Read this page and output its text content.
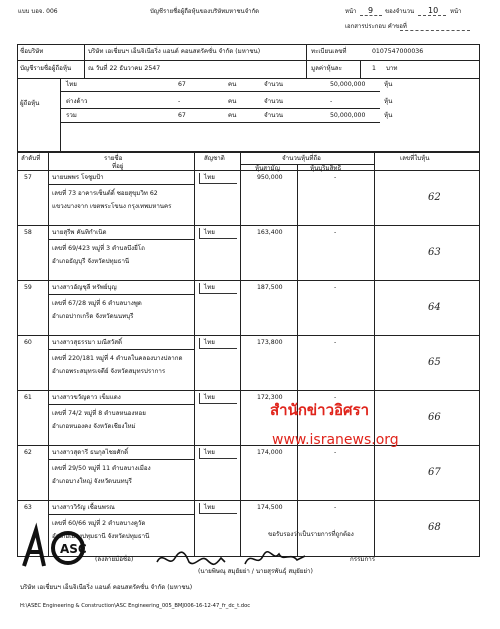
แบบ บอจ. 006	บัญชีรายชื่อผู้ถือหุ้นของบริษัทมหาชนจำกัด	หน้า 9 ของจำนวน 10 หน้า
เอกสารประกอบ คำขอที่
ชื่อบริษัท	บริษัท เอเชี่ยนฯ เอ็นจิเนียริ่ง แอนด์ คอนสตรัคชั่น จำกัด (มหาชน)	ทะเบียนเลขที่	0107547000036
บัญชีรายชื่อผู้ถือหุ้น	ณ วันที่ 22 ธันวาคม 2547	มูลค่าหุ้นละ	1 บาท
ผู้ถือหุ้น
ไทย	67	คน	จำนวน	50,000,000	หุ้น
ต่างด้าว	-	คน	จำนวน	-	หุ้น
รวม	67	คน	จำนวน	50,000,000	หุ้น
ลำดับที่	รายชื่อ
ที่อยู่
สัญชาติ	จำนวนหุ้นที่ถือ
หุ้นสามัญ	หุ้นบุริมสิทธิ
เลขที่ใบหุ้น
57	นายนพพร โจชูมป้า
เลขที่ 73 อาคารเซ็นต์ดิ์ ซอยสุขุมวิท 62
แขวงบางจาก เขตพระโขนง กรุงเทพมหานคร
ไทย	950,000	-
62
58	นายสุรีพ คันทิกำเนิด
เลขที่ 69/423 หมู่ที่ 3 ตำบลบึงยี่โถ
อำเภอธัญบุรี จังหวัดปทุมธานี
ไทย	163,400	-
63
59	นางสาวอัญชุลี ทรัพย์บุญ
เลขที่ 67/28 หมู่ที่ 6 ตำบลบางพูด
อำเภอปากเกร็ด จังหวัดนนทบุรี
ไทย	187,500	-
64
60	นางสาวสุธรรมา มณีสวัสดิ์
เลขที่ 220/181 หมู่ที่ 4 ตำบลในคลองบางปลากด
อำเภอพระสมุทรเจดีย์ จังหวัดสมุทรปราการ
ไทย	173,800	-
65
61	นางสาวขวัญดาว เข็มแดง
เลขที่ 74/2 หมู่ที่ 8 ตำบลหนองหอย
อำเภอหนองคง จังหวัดเชียงใหม่
ไทย	172,300	-
66
62	นางสาวสุดารี ธนกุลไชยศักดิ์
เลขที่ 29/50 หมู่ที่ 11 ตำบลบางเมือง
อำเภอบางใหญ่ จังหวัดนนทบุรี
ไทย	174,000	-
67
63	นางสาววิรัญ เชื้อนพรณ
เลขที่ 60/66 หมู่ที่ 2 ตำบลบางคูวัด
อำเภอเมืองปทุมธานี จังหวัดปทุมธานี
ไทย	174,500	-
68
สำนักข่าวอิศรา
www.isranews.org
ขอรับรองว่าเป็นรายการที่ถูกต้อง
ASC
(ลงลายมือชื่อ)	กรรมการ
(นายพิษณุ สมุยัยย่า / นายสุรพันธุ์ สมุยัยย่า)
บริษัท เอเชี่ยนฯ เอ็นจิเนียริ่ง แอนด์ คอนสตรัคชั่น จำกัด (มหาชน)
H:\ASEC Engineering & Construction\ASC Engineering_005_BMJ006-16-12-47_fr_dc_t.doc
